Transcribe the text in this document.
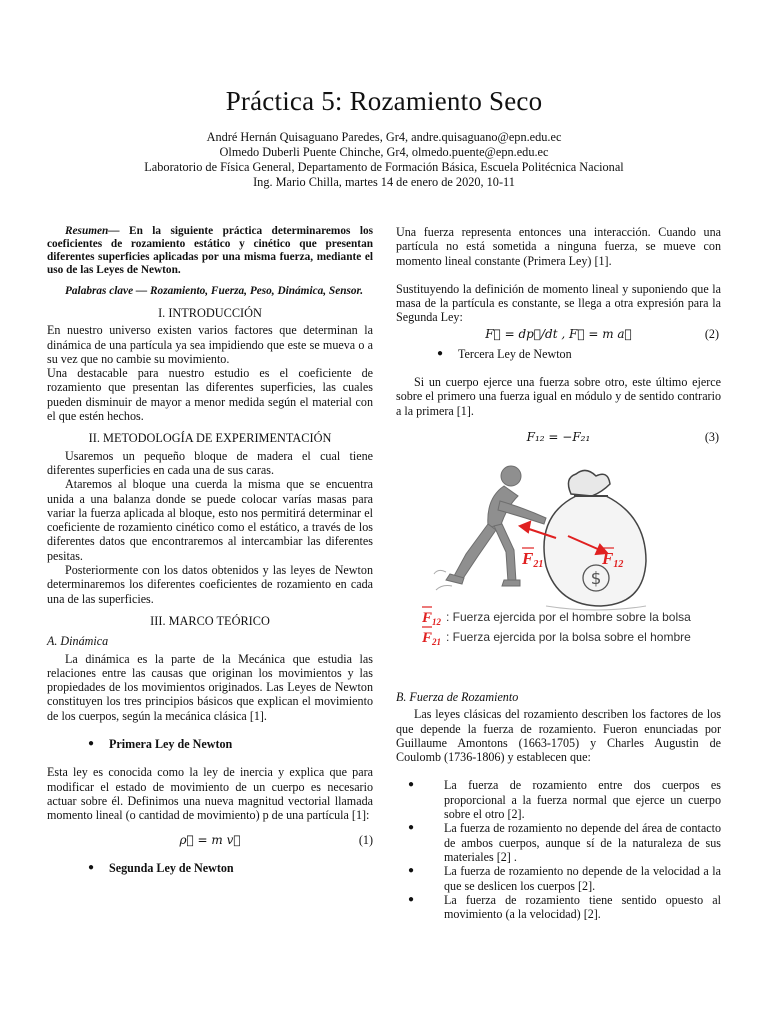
Práctica 5: Rozamiento Seco
André Hernán Quisaguano Paredes, Gr4, andre.quisaguano@epn.edu.ec
Olmedo Duberli Puente Chinche, Gr4, olmedo.puente@epn.edu.ec
Laboratorio de Física General, Departamento de Formación Básica, Escuela Politécnica Nacional
Ing. Mario Chilla, martes 14 de enero de 2020, 10-11

Resumen— En la siguiente práctica determinaremos los coeficientes de rozamiento estático y cinético que presentan diferentes superficies aplicadas por una misma fuerza, mediante el uso de las Leyes de Newton.

Palabras clave — Rozamiento, Fuerza, Peso, Dinámica, Sensor.

I. INTRODUCCIÓN

En nuestro universo existen varios factores que determinan la dinámica de una partícula ya sea impidiendo que este se mueva o a su vez que no cambie su movimiento.

Una destacable para nuestro estudio es el coeficiente de rozamiento que presentan las diferentes superficies, las cuales pueden disminuir de mayor a menor medida según el material con el que estén hechos.

II. METODOLOGÍA DE EXPERIMENTACIÓN

Usaremos un pequeño bloque de madera el cual tiene diferentes superficies en cada una de sus caras.

Ataremos al bloque una cuerda la misma que se encuentra unida a una balanza donde se puede colocar varías masas para variar la fuerza aplicada al bloque, esto nos permitirá determinar el coeficiente de rozamiento cinético como el estático, a través de los diferentes datos que encontraremos al intercambiar las diferentes pesitas.

Posteriormente con los datos obtenidos y las leyes de Newton determinaremos los diferentes coeficientes de rozamiento en cada una de las superficies.

III. MARCO TEÓRICO
A. Dinámica

La dinámica es la parte de la Mecánica que estudia las relaciones entre las causas que originan los movimientos y las propiedades de los movimientos originados. Las Leyes de Newton constituyen los tres principios básicos que explican el movimiento de los cuerpos, según la mecánica clásica [1].

●	Primera Ley de Newton

Esta ley es conocida como la ley de inercia y explica que para modificar el estado de movimiento de un cuerpo es necesario actuar sobre él. Definimos una nueva magnitud vectorial llamada momento lineal (o cantidad de movimiento) p de una partícula [1]:

ρ⃗ = m v⃗	(1)
●	Segunda Ley de Newton

Una fuerza representa entonces una interacción. Cuando una partícula no está sometida a ninguna fuerza, se mueve con momento lineal constante (Primera Ley) [1].

Sustituyendo la definición de momento lineal y suponiendo que la masa de la partícula es constante, se llega a otra expresión para la Segunda Ley:

F⃗ = dp⃗/dt , F⃗ = m a⃗	(2)
●	Tercera Ley de Newton

Si un cuerpo ejerce una fuerza sobre otro, este último ejerce sobre el primero una fuerza igual en módulo y de sentido contrario a la primera [1].

F₁₂ = −F₂₁	(3)
$
F21	F12
$F_{12}$ : Fuerza ejercida por el hombre sobre la bolsa
$F_{21}$ : Fuerza ejercida por la bolsa sobre el hombre
B. Fuerza de Rozamiento

Las leyes clásicas del rozamiento describen los factores de los que depende la fuerza de rozamiento. Fueron enunciadas por Guillaume Amontons (1663-1705) y Charles Augustin de Coulomb (1736-1806) y establecen que:

●	La fuerza de rozamiento entre dos cuerpos es proporcional a la fuerza normal que ejerce un cuerpo sobre el otro [2].
●	La fuerza de rozamiento no depende del área de contacto de ambos cuerpos, aunque sí de la naturaleza de sus materiales [2] .
●	La fuerza de rozamiento no depende de la velocidad a la que se deslicen los cuerpos [2].
●	La fuerza de rozamiento tiene sentido opuesto al movimiento (a la velocidad) [2].
